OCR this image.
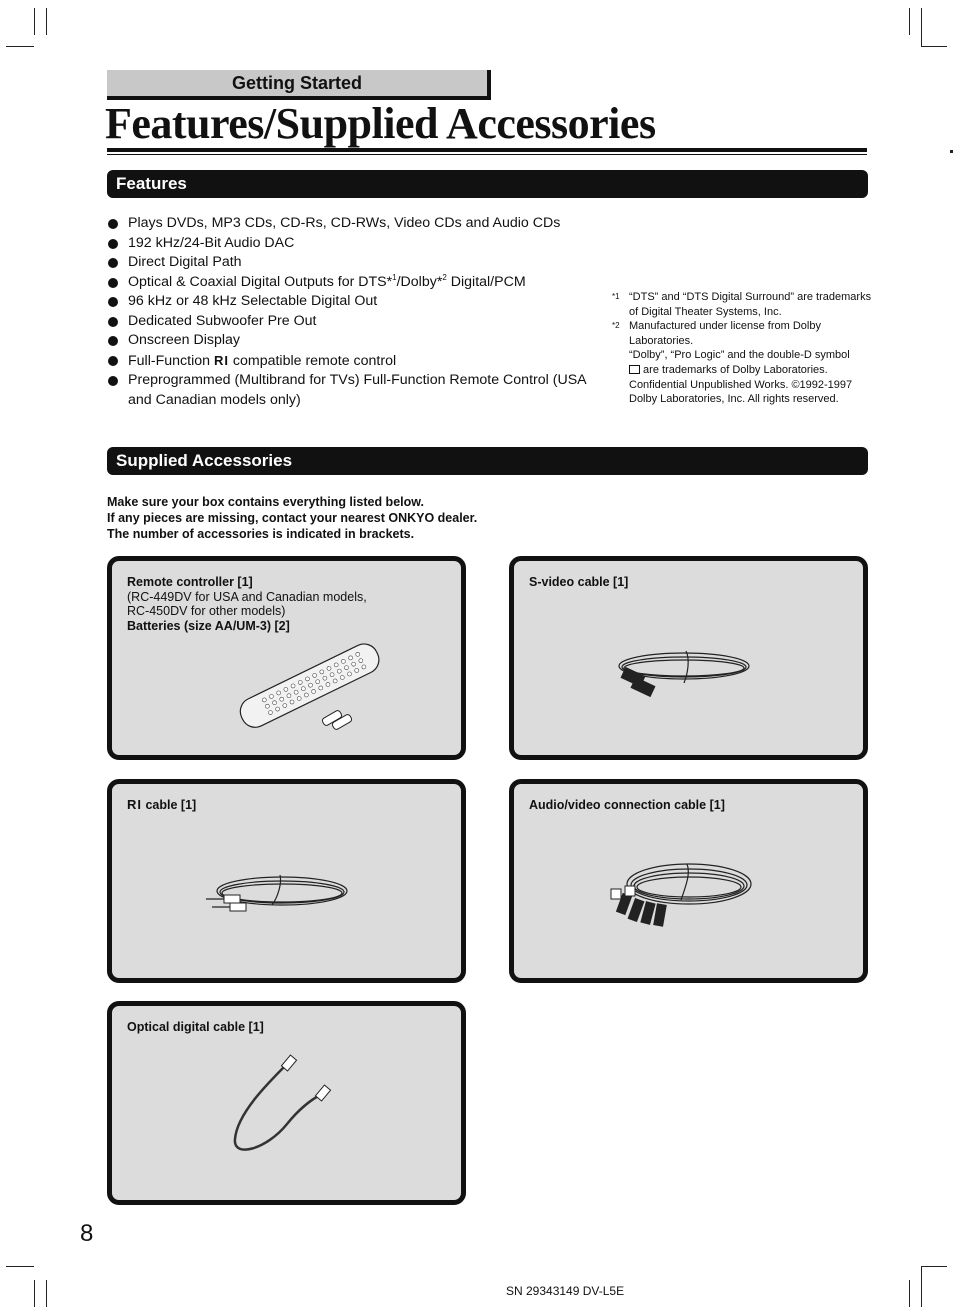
Getting Started
Features/Supplied Accessories
Features
Plays DVDs, MP3 CDs, CD-Rs, CD-RWs, Video CDs and Audio CDs
192 kHz/24-Bit Audio DAC
Direct Digital Path
Optical & Coaxial Digital Outputs for DTS*$^1$/Dolby*$^2$ Digital/PCM
96 kHz or 48 kHz Selectable Digital Out
Dedicated Subwoofer Pre Out
Onscreen Display
Full-Function RI compatible remote control
Preprogrammed (Multibrand for TVs) Full-Function Remote Control (USA and Canadian models only)
*1 “DTS” and “DTS Digital Surround” are trademarks of Digital Theater Systems, Inc.
*2 Manufactured under license from Dolby Laboratories.
“Dolby”, “Pro Logic” and the double-D symbol
are trademarks of Dolby Laboratories. Confidential Unpublished Works. ©1992-1997 Dolby Laboratories, Inc. All rights reserved.
Supplied Accessories
Make sure your box contains everything listed below.
If any pieces are missing, contact your nearest ONKYO dealer.
The number of accessories is indicated in brackets.
Remote controller [1]
(RC-449DV for USA and Canadian models,
RC-450DV for other models)
Batteries (size AA/UM-3) [2]
S-video cable [1]
RI cable [1]	Audio/video connection cable [1]
Optical digital cable [1]
8
SN 29343149 DV-L5E
